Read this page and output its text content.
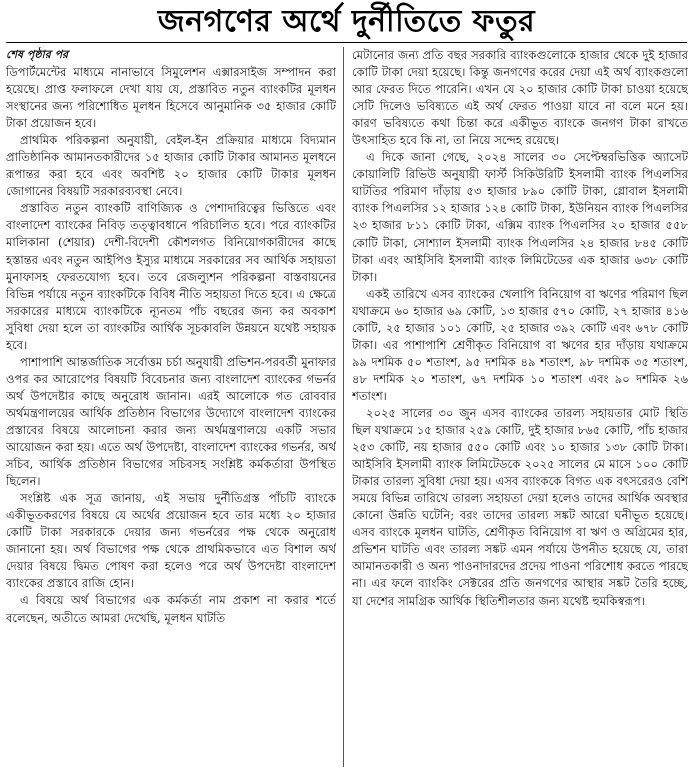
জনগণের অর্থে দুর্নীতিতে ফতুর
শেষ পৃষ্ঠার পর

ডিপার্টমেন্টের মাধ্যমে নানাভাবে সিমুলেশন এক্সারসাইজ সম্পাদন করা হয়েছে। প্রাপ্ত ফলাফলে দেখা যায় যে, প্রস্তাবিত নতুন ব্যাংকটির মূলধন সংস্থানের জন্য পরিশোধিত মূলধন হিসেবে আনুমানিক ৩৫ হাজার কোটি টাকা প্রয়োজন হবে।

প্রাথমিক পরিকল্পনা অনুযায়ী, বেইল-ইন প্রক্রিয়ার মাধ্যমে বিদ্যমান প্রাতিষ্ঠানিক আমানতকারীদের ১৫ হাজার কোটি টাকার আমানত মূলধনে রূপান্তর করা হবে এবং অবশিষ্ট ২০ হাজার কোটি টাকার মূলধন জোগানের বিষয়টি সরকারব্যবস্থা নেবে।

প্রস্তাবিত নতুন ব্যাংকটি বাণিজ্যিক ও পেশাদারিত্বের ভিত্তিতে এবং বাংলাদেশ ব্যাংকের নিবিড় তত্ত্বাবধানে পরিচালিত হবে। পরে ব্যাংকটির মালিকানা (শেয়ার) দেশী-বিদেশী কৌশলগত বিনিয়োগকারীদের কাছে হস্তান্তর এবং নতুন আইপিও ইস্যুর মাধ্যমে সরকারের সব আর্থিক সহায়তা মুনাফাসহ ফেরতযোগ্য হবে। তবে রেজল্যুশন পরিকল্পনা বাস্তবায়নের বিভিন্ন পর্যায়ে নতুন ব্যাংকটিকে বিবিধ নীতি সহায়তা দিতে হবে। এ ক্ষেত্রে সরকারের মাধ্যমে ব্যাংকটিকে ন্যূনতম পাঁচ বছরের জন্য কর অবকাশ সুবিধা দেয়া হলে তা ব্যাংকটির আর্থিক সূচকাবলি উন্নয়নে যথেষ্ট সহায়ক হবে।

পাশাপাশি আন্তর্জাতিক সর্বোত্তম চর্চা অনুযায়ী প্রভিশন-পরবর্তী মুনাফার ওপর কর আরোপের বিষয়টি বিবেচনার জন্য বাংলাদেশ ব্যাংকের গভর্নর অর্থ উপদেষ্টার কাছে অনুরোধ জানান। এরই আলোকে গত রোববার অর্থমন্ত্রণালয়ের আর্থিক প্রতিষ্ঠান বিভাগের উদ্যোগে বাংলাদেশ ব্যাংকের প্রস্তাবের বিষয়ে আলোচনা করার জন্য অর্থমন্ত্রণালয়ে একটি সভার আয়োজন করা হয়। এতে অর্থ উপদেষ্টা, বাংলাদেশ ব্যাংকের গভর্নর, অর্থ সচিব, আর্থিক প্রতিষ্ঠান বিভাগের সচিবসহ সংশ্লিষ্ট কর্মকর্তারা উপস্থিত ছিলেন।

সংশ্লিষ্ট এক সূত্র জানায়, এই সভায় দুর্নীতিগ্রস্ত পাঁচটি ব্যাংকে একীভূতকরণের বিষয়ে যে অর্থের প্রয়োজন হবে তার মধ্যে ২০ হাজার কোটি টাকা সরকারকে দেয়ার জন্য গভর্নরের পক্ষ থেকে অনুরোধ জানানো হয়। অর্থ বিভাগের পক্ষ থেকে প্রাথমিকভাবে এত বিশাল অর্থ দেয়ার বিষয়ে দ্বিমত পোষণ করা হলেও পরে অর্থ উপদেষ্টা বাংলাদেশ ব্যাংকের প্রস্তাবে রাজি হোন।

এ বিষয়ে অর্থ বিভাগের এক কর্মকর্তা নাম প্রকাশ না করার শর্তে বলেছেন, অতীতে আমরা দেখেছি, মূলধন ঘাটতি

মেটানোর জন্য প্রতি বছর সরকারি ব্যাংকগুলোকে হাজার থেকে দুই হাজার কোটি টাকা দেয়া হয়েছে। কিন্তু জনগণের করের দেয়া এই অর্থ ব্যাংকগুলো আর ফেরত দিতে পারেনি। এখন যে ২০ হাজার কোটি টাকা চাওয়া হয়েছে সেটি দিলেও ভবিষ্যতে এই অর্থ ফেরত পাওয়া যাবে না বলে মনে হয়। কারণ ভবিষ্যতে কথা চিন্তা করে একীভূত ব্যাংকে জনগণ টাকা রাখতে উৎসাহিত হবে কি না, তা নিয়ে সন্দেহ রয়েছে।

এ দিকে জানা গেছে, ২০২৪ সালের ৩০ সেপ্টেম্বরভিত্তিক অ্যাসেট কোয়ালিটি রিভিউ অনুযায়ী ফার্স্ট সিকিউরিটি ইসলামী ব্যাংক পিএলসির ঘাটতির পরিমাণ দাঁড়ায় ৫৩ হাজার ৮৯০ কোটি টাকা, গ্লোবাল ইসলামী ব্যাংক পিএলসির ১২ হাজার ১২৪ কোটি টাকা, ইউনিয়ন ব্যাংক পিএলসির ২৩ হাজার ৮১১ কোটি টাকা, এক্সিম ব্যাংক পিএলসির ২০ হাজার ৫৫৮ কোটি টাকা, সোশ্যাল ইসলামী ব্যাংক পিএলসির ২৪ হাজার ৮৪৫ কোটি টাকা এবং আইসিবি ইসলামী ব্যাংক লিমিটেডের এক হাজার ৬৩৮ কোটি টাকা।

একই তারিখে এসব ব্যাংকের খেলাপি বিনিয়োগ বা ঋণের পরিমাণ ছিল যথাক্রমে ৬০ হাজার ৬৯ কোটি, ১৩ হাজার ৫৭০ কোটি, ২৭ হাজার ৪১৬ কোটি, ২৫ হাজার ১০১ কোটি, ২৫ হাজার ৩৯২ কোটি এবং ৬৭৮ কোটি টাকা। এর পাশাপাশি শ্রেণীকৃত বিনিয়োগ বা ঋণের হার দাঁড়ায় যথাক্রমে ৯৯ দশমিক ৫০ শতাংশ, ৯৫ দশমিক ৪৯ শতাংশ, ৯৮ দশমিক ৩৫ শতাংশ, ৪৮ দশমিক ২০ শতাংশ, ৬৭ দশমিক ১০ শতাংশ এবং ৯০ দশমিক ২৬ শতাংশ।

২০২৫ সালের ৩০ জুন এসব ব্যাংকের তারল্য সহায়তার মোট স্থিতি ছিল যথাক্রমে ১৫ হাজার ২৫৯ কোটি, দুই হাজার ৮৬৫ কোটি, পাঁচ হাজার ২৫৩ কোটি, নয় হাজার ৫৫০ কোটি এবং ১০ হাজার ১৩৮ কোটি টাকা। আইসিবি ইসলামী ব্যাংক লিমিটেডকে ২০২৫ সালের মে মাসে ১০০ কোটি টাকার তারল্য সুবিধা দেয়া হয়। এসব ব্যাংককে বিগত এক বৎসরেরও বেশি সময়ে বিভিন্ন তারিখে তারল্য সহায়তা দেয়া হলেও তাদের আর্থিক অবস্থার কোনো উন্নতি ঘটেনি; বরং তাদের তারল্য সঙ্কট আরো ঘনীভূত হয়েছে। এসব ব্যাংকে মূলধন ঘাটতি, শ্রেণীকৃত বিনিয়োগ বা ঋণ ও অগ্রিমের হার, প্রভিশন ঘাটতি এবং তারল্য সঙ্কট এমন পর্যায়ে উপনীত হয়েছে যে, তারা আমানতকারী ও অন্য পাওনাদারদের প্রদেয় পাওনা পরিশোধ করতে পারছে না। এর ফলে ব্যাংকিং সেক্টরের প্রতি জনগণের আস্থার সঙ্কট তৈরি হচ্ছে, যা দেশের সামগ্রিক আর্থিক স্থিতিশীলতার জন্য যথেষ্ট হুমকিস্বরূপ।
